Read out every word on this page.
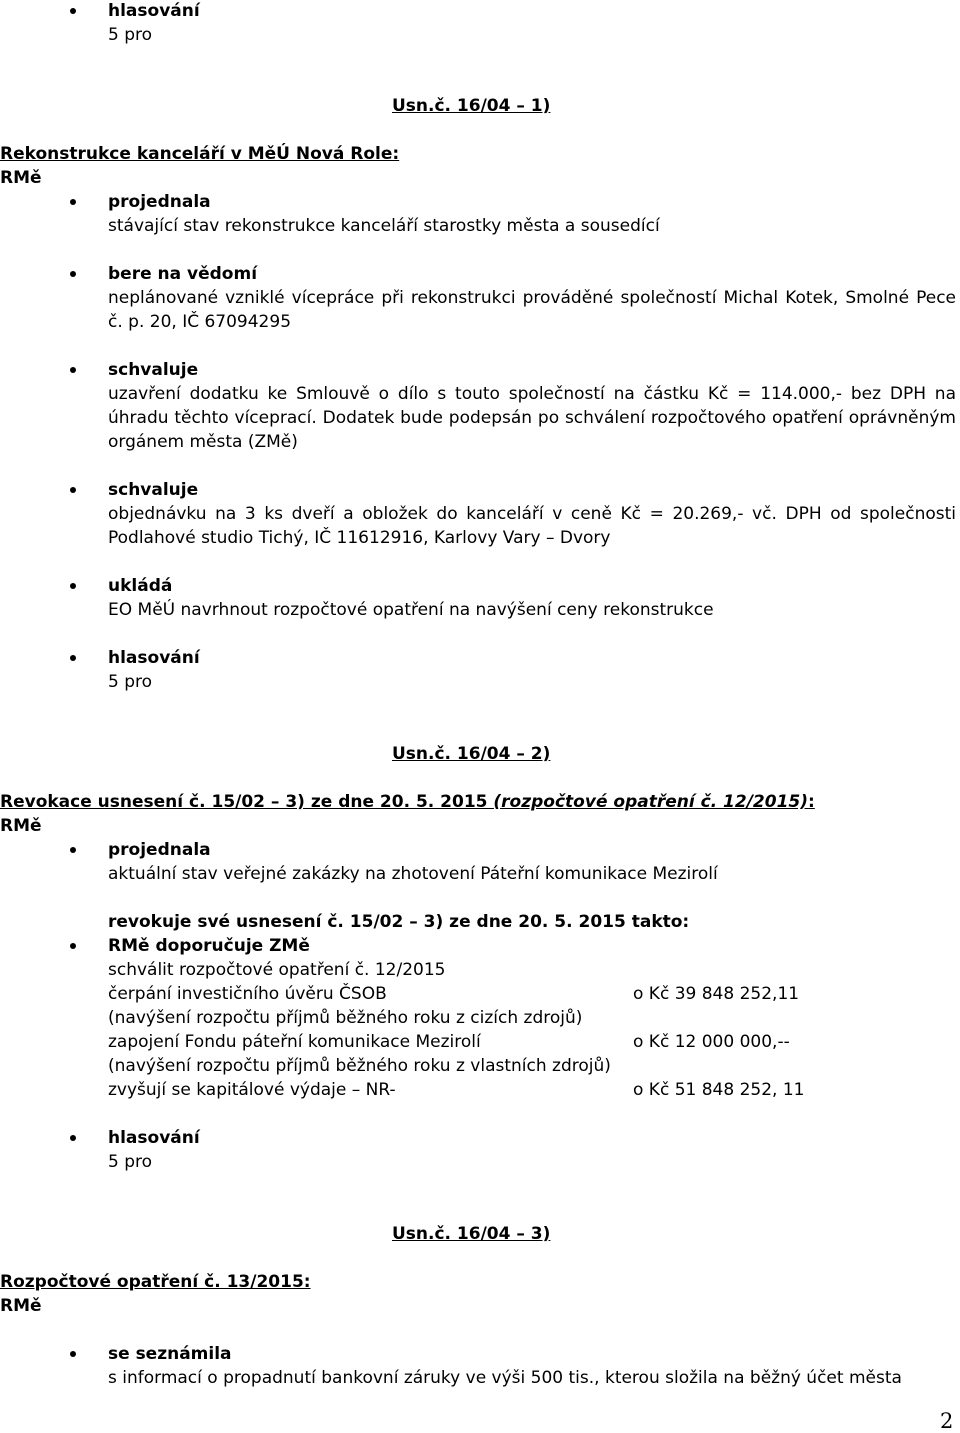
hlasování
5 pro
Usn.č. 16/04 – 1)
Rekonstrukce kanceláří v MěÚ Nová Role:
RMě
projednala
stávající stav rekonstrukce kanceláří starostky města a sousedící
bere na vědomí
neplánované vzniklé vícepráce při rekonstrukci prováděné společností Michal Kotek, Smolné Pece č. p. 20, IČ 67094295
schvaluje
uzavření dodatku ke Smlouvě o dílo s touto společností na částku Kč = 114.000,- bez DPH na úhradu těchto víceprací. Dodatek bude podepsán po schválení rozpočtového opatření oprávněným orgánem města (ZMě)
schvaluje
objednávku na 3 ks dveří a obložek do kanceláří v ceně Kč = 20.269,- vč. DPH od společnosti Podlahové studio Tichý, IČ 11612916, Karlovy Vary – Dvory
ukládá
EO MěÚ navrhnout rozpočtové opatření na navýšení ceny rekonstrukce
hlasování
5 pro
Usn.č. 16/04 – 2)
Revokace usnesení č. 15/02 – 3) ze dne 20. 5. 2015 (rozpočtové opatření č. 12/2015):
RMě
projednala
aktuální stav veřejné zakázky na zhotovení Páteřní komunikace Mezirolí
revokuje své usnesení č. 15/02 – 3) ze dne 20. 5. 2015 takto:
RMě doporučuje ZMě
schválit rozpočtové opatření č. 12/2015
čerpání investičního úvěru ČSOB	o Kč 39 848 252,11
(navýšení rozpočtu příjmů běžného roku z cizích zdrojů)
zapojení Fondu páteřní komunikace Mezirolí	o Kč 12 000 000,--
(navýšení rozpočtu příjmů běžného roku z vlastních zdrojů)
zvyšují se kapitálové výdaje – NR-	o Kč 51 848 252, 11
hlasování
5 pro
Usn.č. 16/04 – 3)
Rozpočtové opatření č. 13/2015:
RMě
se seznámila
s informací o propadnutí bankovní záruky ve výši 500 tis., kterou složila na běžný účet města
2
